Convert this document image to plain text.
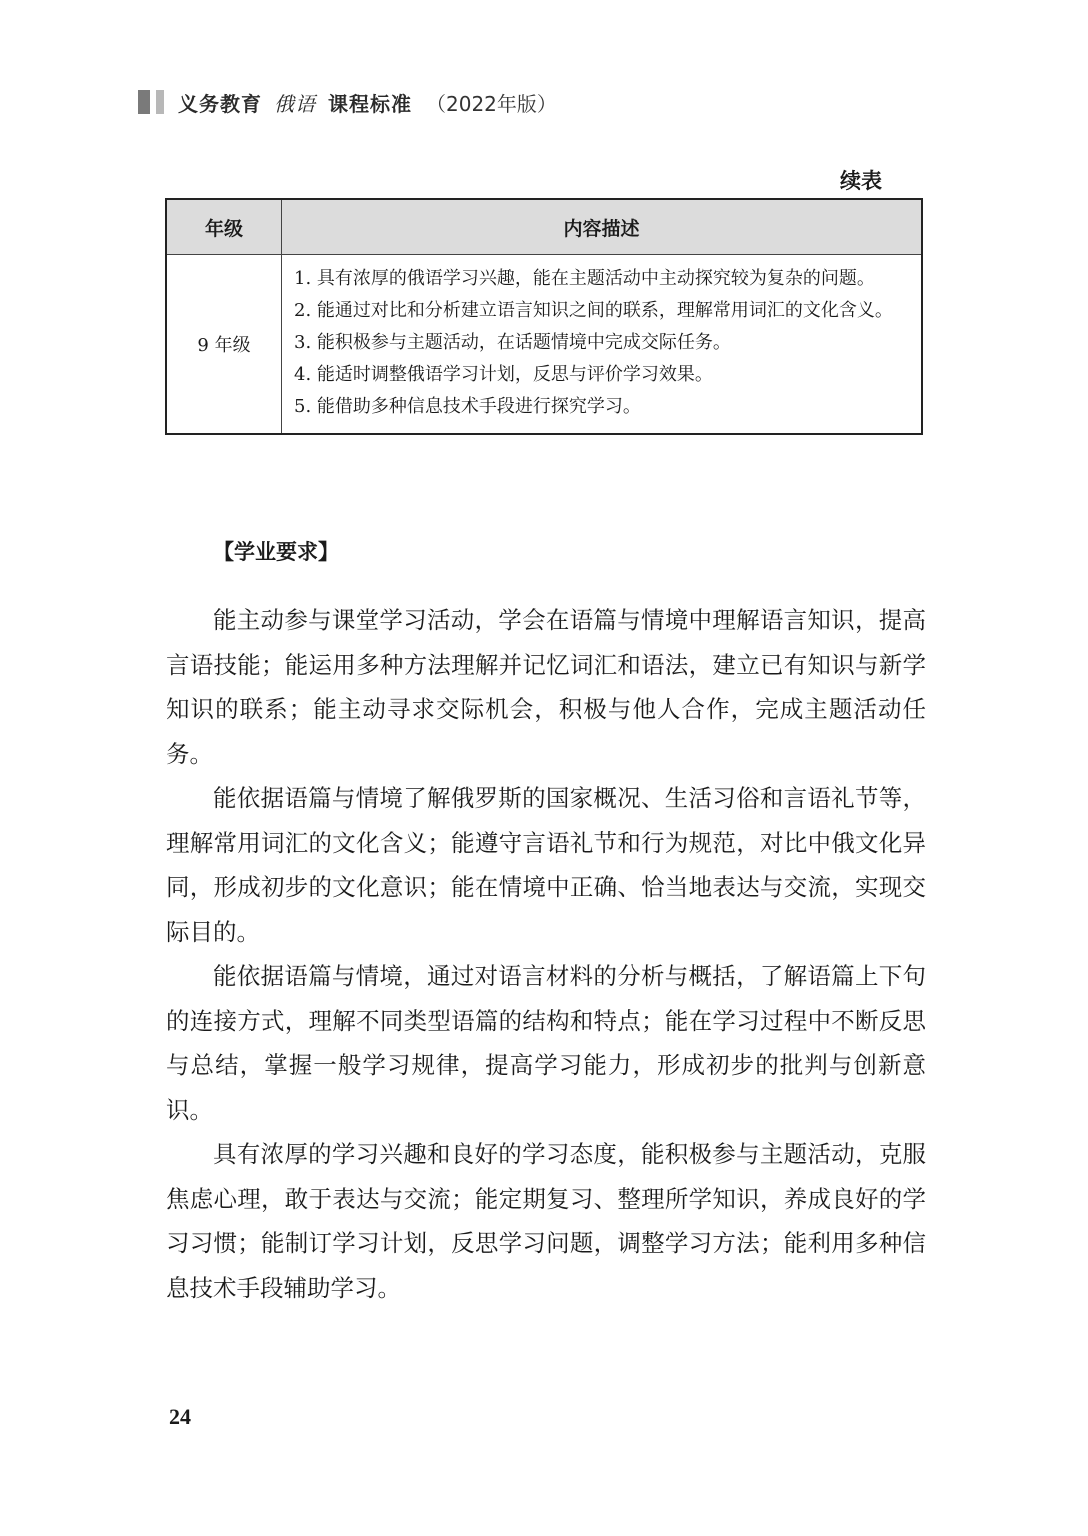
义务教育 俄语 课程标准 （2022年版）
续表
年级	内容描述
9 年级	1. 具有浓厚的俄语学习兴趣，能在主题活动中主动探究较为复杂的问题。
2. 能通过对比和分析建立语言知识之间的联系，理解常用词汇的文化含义。
3. 能积极参与主题活动，在话题情境中完成交际任务。
4. 能适时调整俄语学习计划，反思与评价学习效果。
5. 能借助多种信息技术手段进行探究学习。
【学业要求】

能主动参与课堂学习活动，学会在语篇与情境中理解语言知识，提高言语技能；能运用多种方法理解并记忆词汇和语法，建立已有知识与新学知识的联系；能主动寻求交际机会，积极与他人合作，完成主题活动任务。

能依据语篇与情境了解俄罗斯的国家概况、生活习俗和言语礼节等，理解常用词汇的文化含义；能遵守言语礼节和行为规范，对比中俄文化异同，形成初步的文化意识；能在情境中正确、恰当地表达与交流，实现交际目的。

能依据语篇与情境，通过对语言材料的分析与概括，了解语篇上下句的连接方式，理解不同类型语篇的结构和特点；能在学习过程中不断反思与总结，掌握一般学习规律，提高学习能力，形成初步的批判与创新意识。

具有浓厚的学习兴趣和良好的学习态度，能积极参与主题活动，克服焦虑心理，敢于表达与交流；能定期复习、整理所学知识，养成良好的学习习惯；能制订学习计划，反思学习问题，调整学习方法；能利用多种信息技术手段辅助学习。

24
